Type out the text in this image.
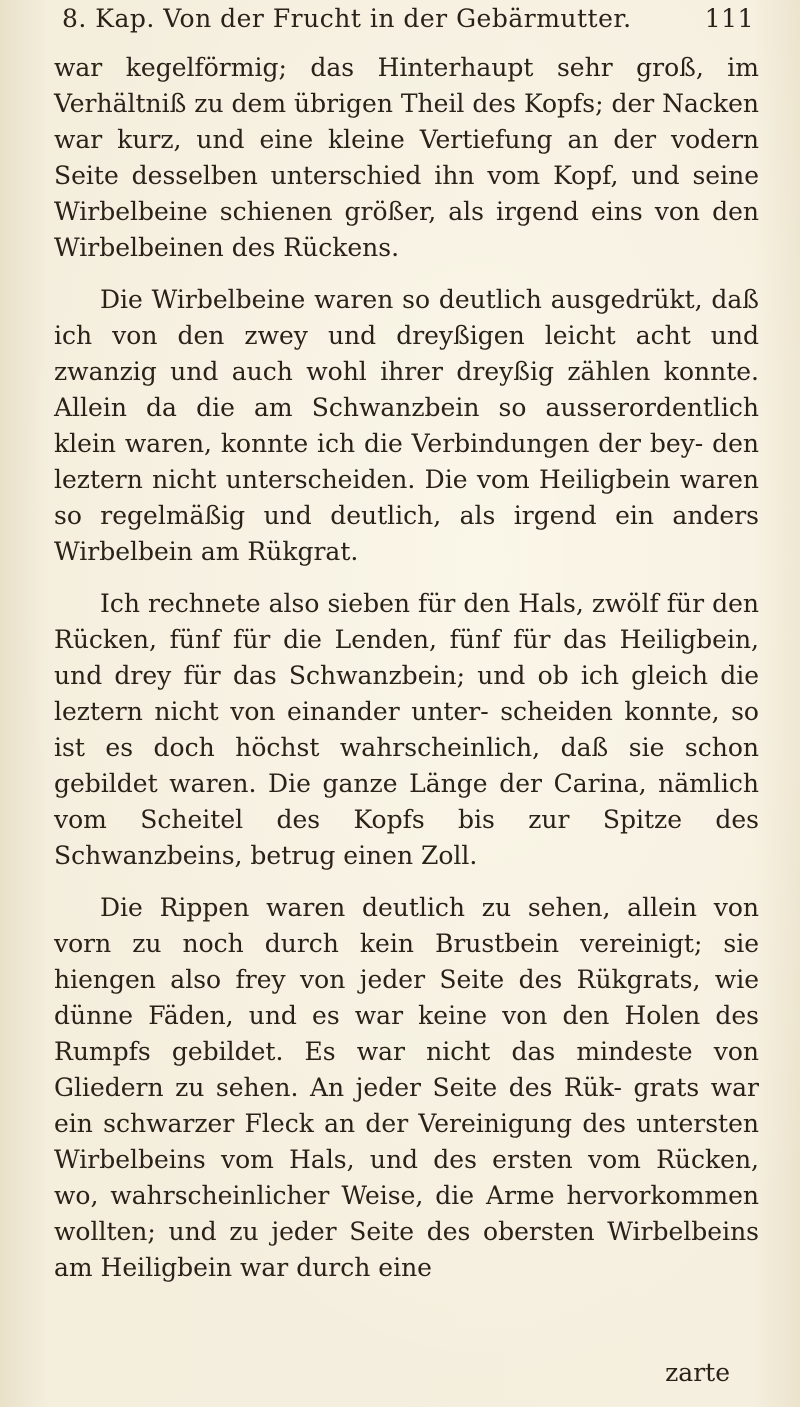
8. Kap. Von der Frucht in der Gebärmutter.	111

war kegelförmig; das Hinterhaupt sehr groß, im Verhältniß zu dem übrigen Theil des Kopfs; der Nacken war kurz, und eine kleine Vertiefung an der vodern Seite desselben unterschied ihn vom Kopf, und seine Wirbelbeine schienen größer, als irgend eins von den Wirbelbeinen des Rückens.

Die Wirbelbeine waren so deutlich ausgedrükt, daß ich von den zwey und dreyßigen leicht acht und zwanzig und auch wohl ihrer dreyßig zählen konnte. Allein da die am Schwanzbein so ausserordentlich klein waren, konnte ich die Verbindungen der bey- den leztern nicht unterscheiden. Die vom Heiligbein waren so regelmäßig und deutlich, als irgend ein anders Wirbelbein am Rükgrat.

Ich rechnete also sieben für den Hals, zwölf für den Rücken, fünf für die Lenden, fünf für das Heiligbein, und drey für das Schwanzbein; und ob ich gleich die leztern nicht von einander unter- scheiden konnte, so ist es doch höchst wahrscheinlich, daß sie schon gebildet waren. Die ganze Länge der Carina, nämlich vom Scheitel des Kopfs bis zur Spitze des Schwanzbeins, betrug einen Zoll.

Die Rippen waren deutlich zu sehen, allein von vorn zu noch durch kein Brustbein vereinigt; sie hiengen also frey von jeder Seite des Rükgrats, wie dünne Fäden, und es war keine von den Holen des Rumpfs gebildet. Es war nicht das mindeste von Gliedern zu sehen. An jeder Seite des Rük- grats war ein schwarzer Fleck an der Vereinigung des untersten Wirbelbeins vom Hals, und des ersten vom Rücken, wo, wahrscheinlicher Weise, die Arme hervorkommen wollten; und zu jeder Seite des obersten Wirbelbeins am Heiligbein war durch eine

zarte
